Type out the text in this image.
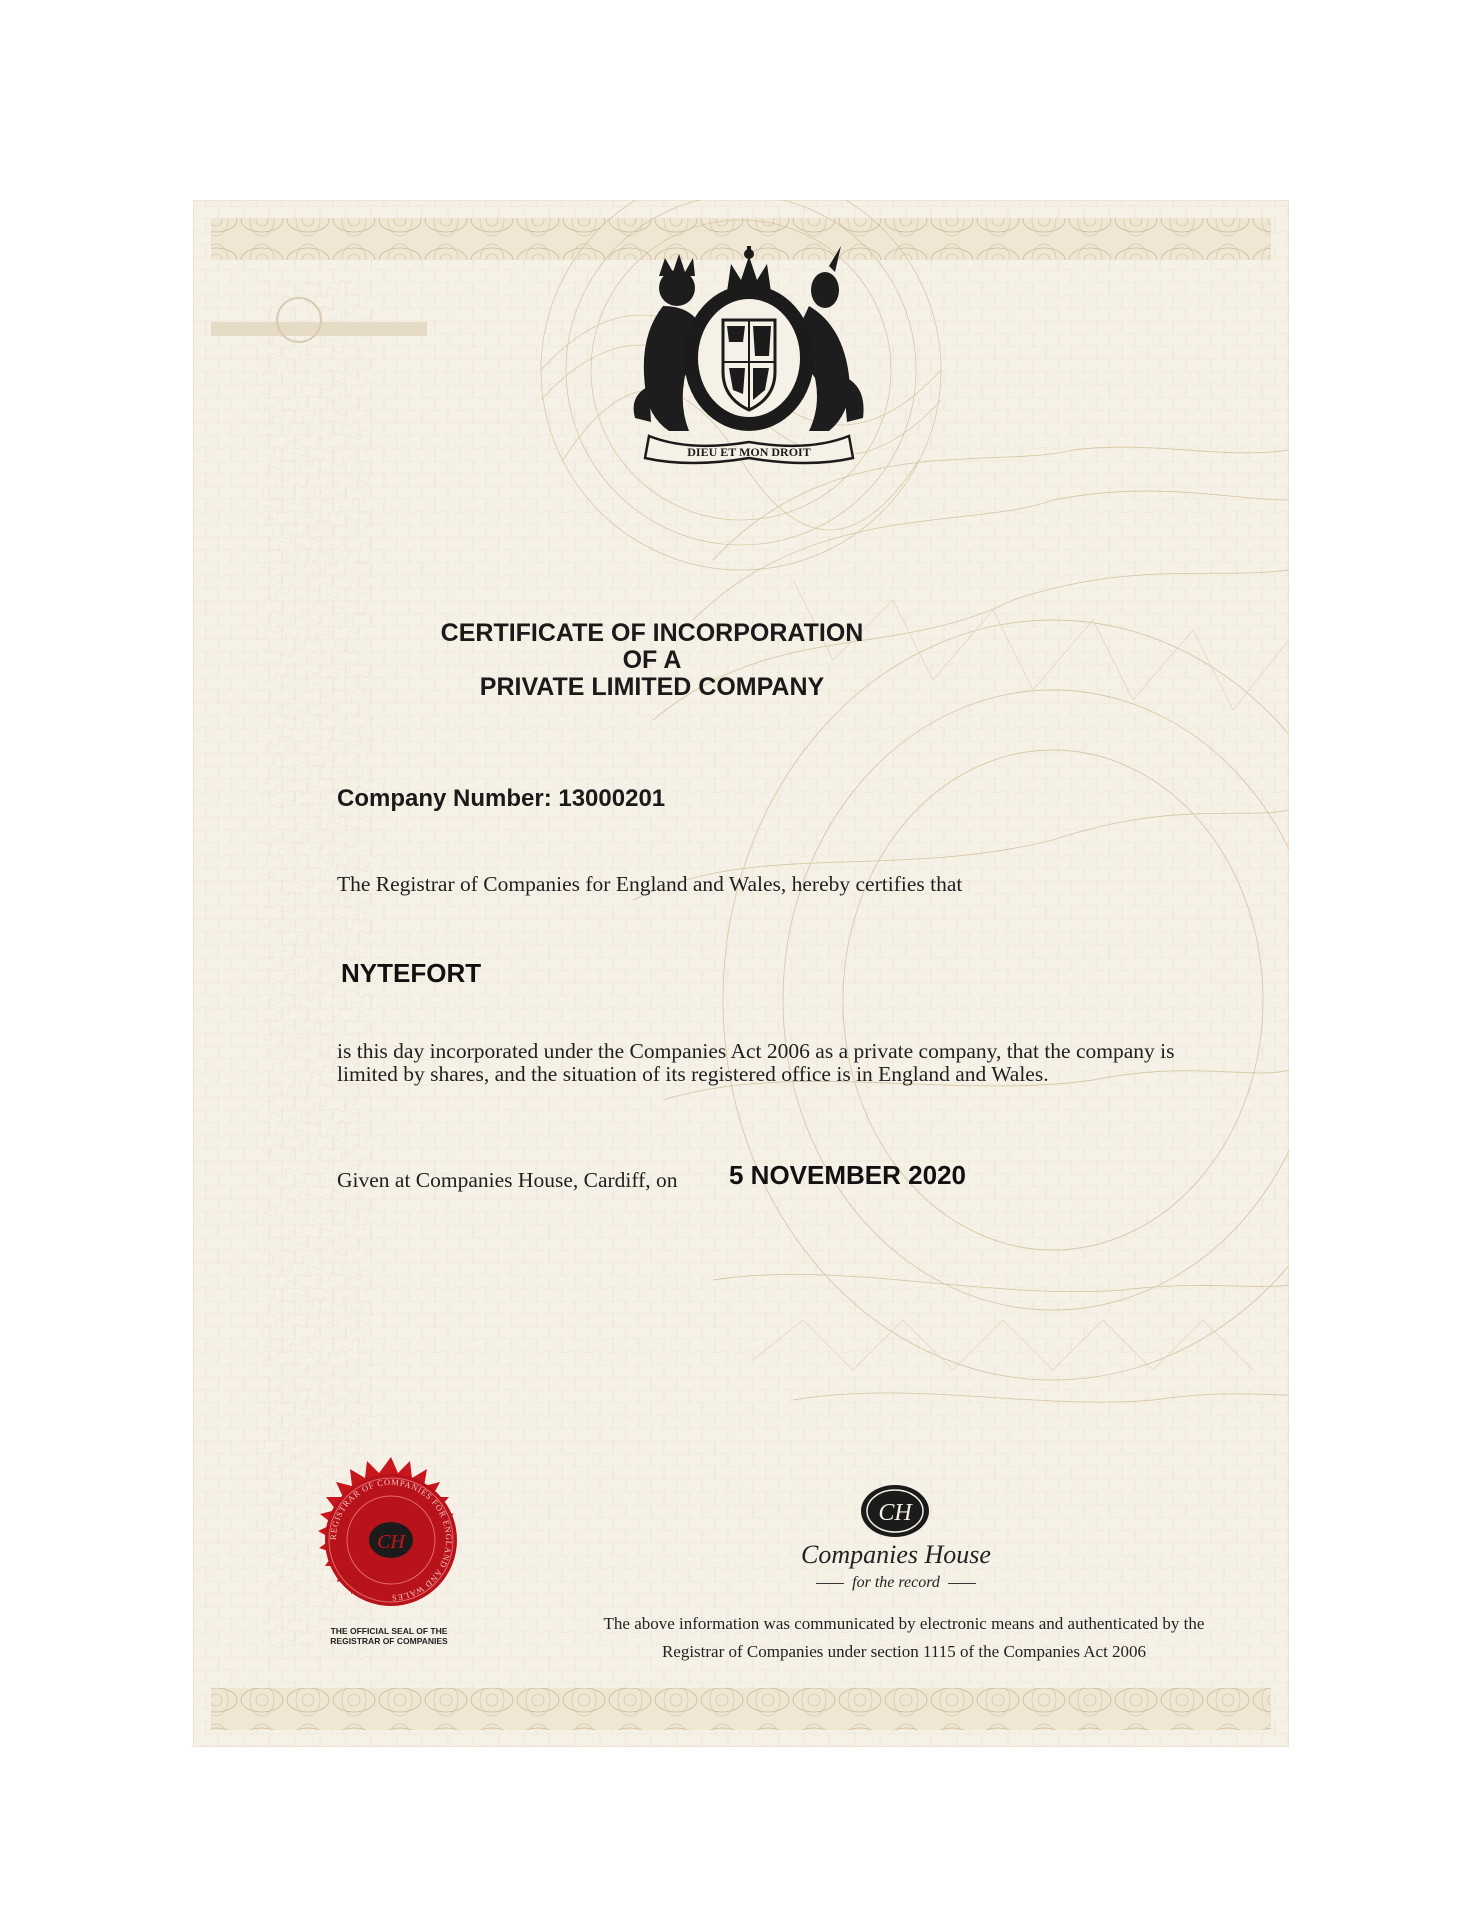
DIEU ET MON DROIT
CERTIFICATE OF INCORPORATION
OF A
PRIVATE LIMITED COMPANY
Company Number: 13000201
The Registrar of Companies for England and Wales, hereby certifies that
NYTEFORT
is this day incorporated under the Companies Act 2006 as a private company, that the company is limited by shares, and the situation of its registered office is in England and Wales.
Given at Companies House, Cardiff, on 5 NOVEMBER 2020
REGISTRAR OF COMPANIES FOR ENGLAND AND WALES
CH
THE OFFICIAL SEAL OF THE
REGISTRAR OF COMPANIES
CH
Companies House
for the record
The above information was communicated by electronic means and authenticated by the
Registrar of Companies under section 1115 of the Companies Act 2006
